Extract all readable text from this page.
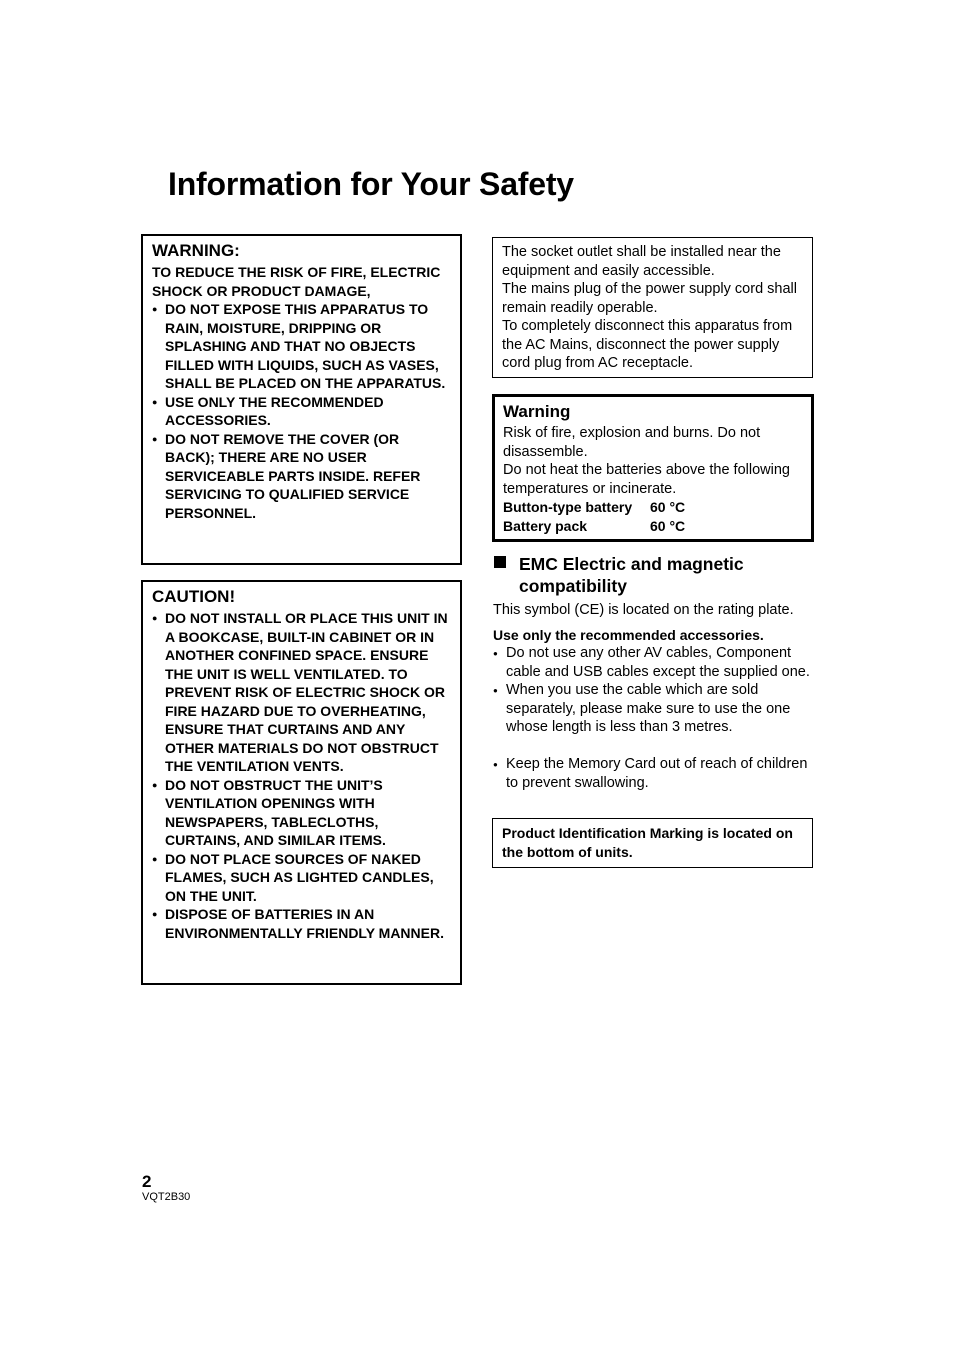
Information for Your Safety
WARNING:

TO REDUCE THE RISK OF FIRE, ELECTRIC SHOCK OR PRODUCT DAMAGE,

● DO NOT EXPOSE THIS APPARATUS TO RAIN, MOISTURE, DRIPPING OR SPLASHING AND THAT NO OBJECTS FILLED WITH LIQUIDS, SUCH AS VASES, SHALL BE PLACED ON THE APPARATUS.
● USE ONLY THE RECOMMENDED ACCESSORIES.
● DO NOT REMOVE THE COVER (OR BACK); THERE ARE NO USER SERVICEABLE PARTS INSIDE. REFER SERVICING TO QUALIFIED SERVICE PERSONNEL.
CAUTION!
● DO NOT INSTALL OR PLACE THIS UNIT IN A BOOKCASE, BUILT-IN CABINET OR IN ANOTHER CONFINED SPACE. ENSURE THE UNIT IS WELL VENTILATED. TO PREVENT RISK OF ELECTRIC SHOCK OR FIRE HAZARD DUE TO OVERHEATING, ENSURE THAT CURTAINS AND ANY OTHER MATERIALS DO NOT OBSTRUCT THE VENTILATION VENTS.
● DO NOT OBSTRUCT THE UNIT’S VENTILATION OPENINGS WITH NEWSPAPERS, TABLECLOTHS, CURTAINS, AND SIMILAR ITEMS.
● DO NOT PLACE SOURCES OF NAKED FLAMES, SUCH AS LIGHTED CANDLES, ON THE UNIT.
● DISPOSE OF BATTERIES IN AN ENVIRONMENTALLY FRIENDLY MANNER.

The socket outlet shall be installed near the equipment and easily accessible.

The mains plug of the power supply cord shall remain readily operable.

To completely disconnect this apparatus from the AC Mains, disconnect the power supply cord plug from AC receptacle.

Warning

Risk of fire, explosion and burns. Do not disassemble.

Do not heat the batteries above the following temperatures or incinerate.

Button-type battery	60 °C
Battery pack	60 °C
EMC Electric and magnetic compatibility

This symbol (CE) is located on the rating plate.

Use only the recommended accessories.

● Do not use any other AV cables, Component cable and USB cables except the supplied one.
● When you use the cable which are sold separately, please make sure to use the one whose length is less than 3 metres.
● Keep the Memory Card out of reach of children to prevent swallowing.
Product Identification Marking is located on the bottom of units.
2
VQT2B30
